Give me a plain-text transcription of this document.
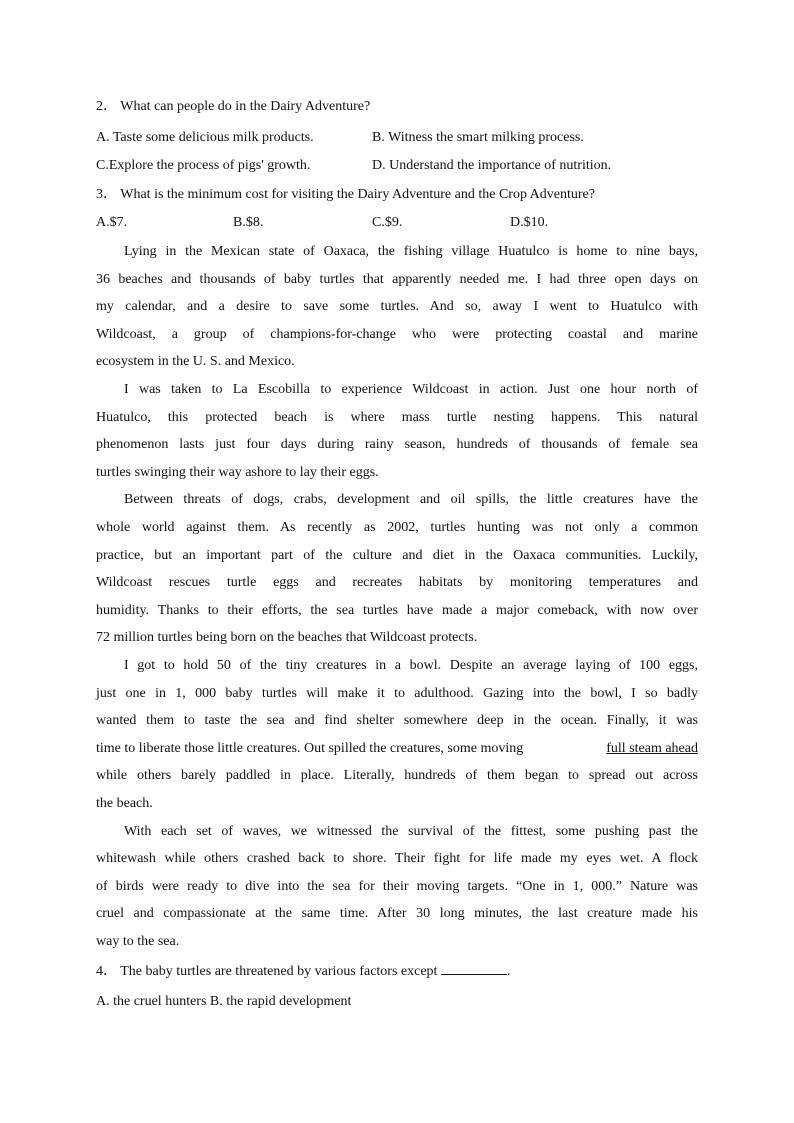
2． What can people do in the Dairy Adventure?
A. Taste some delicious milk products.	B. Witness the smart milking process.
C.Explore the process of pigs' growth.	D. Understand the importance of nutrition.
3． What is the minimum cost for visiting the Dairy Adventure and the Crop Adventure?
A.$7.	B.$8.	C.$9.	D.$10.
Lying in the Mexican state of Oaxaca, the fishing village Huatulco is home to nine bays,
36 beaches and thousands of baby turtles that apparently needed me. I had three open days on
my calendar, and a desire to save some turtles. And so, away I went to Huatulco with
Wildcoast, a group of champions-for-change who were protecting coastal and marine
ecosystem in the U. S. and Mexico.
I was taken to La Escobilla to experience Wildcoast in action. Just one hour north of
Huatulco, this protected beach is where mass turtle nesting happens. This natural
phenomenon lasts just four days during rainy season, hundreds of thousands of female sea
turtles swinging their way ashore to lay their eggs.
Between threats of dogs, crabs, development and oil spills, the little creatures have the
whole world against them. As recently as 2002, turtles hunting was not only a common
practice, but an important part of the culture and diet in the Oaxaca communities. Luckily,
Wildcoast rescues turtle eggs and recreates habitats by monitoring temperatures and
humidity. Thanks to their efforts, the sea turtles have made a major comeback, with now over
72 million turtles being born on the beaches that Wildcoast protects.
I got to hold 50 of the tiny creatures in a bowl. Despite an average laying of 100 eggs,
just one in 1, 000 baby turtles will make it to adulthood. Gazing into the bowl, I so badly
wanted them to taste the sea and find shelter somewhere deep in the ocean. Finally, it was
time to liberate those little creatures. Out spilled the creatures, some moving	full steam ahead
while others barely paddled in place. Literally, hundreds of them began to spread out across
the beach.
With each set of waves, we witnessed the survival of the fittest, some pushing past the
whitewash while others crashed back to shore. Their fight for life made my eyes wet. A flock
of birds were ready to dive into the sea for their moving targets. “One in 1, 000.” Nature was
cruel and compassionate at the same time. After 30 long minutes, the last creature made his
way to the sea.
4． The baby turtles are threatened by various factors except	.
A. the cruel hunters B. the rapid development
